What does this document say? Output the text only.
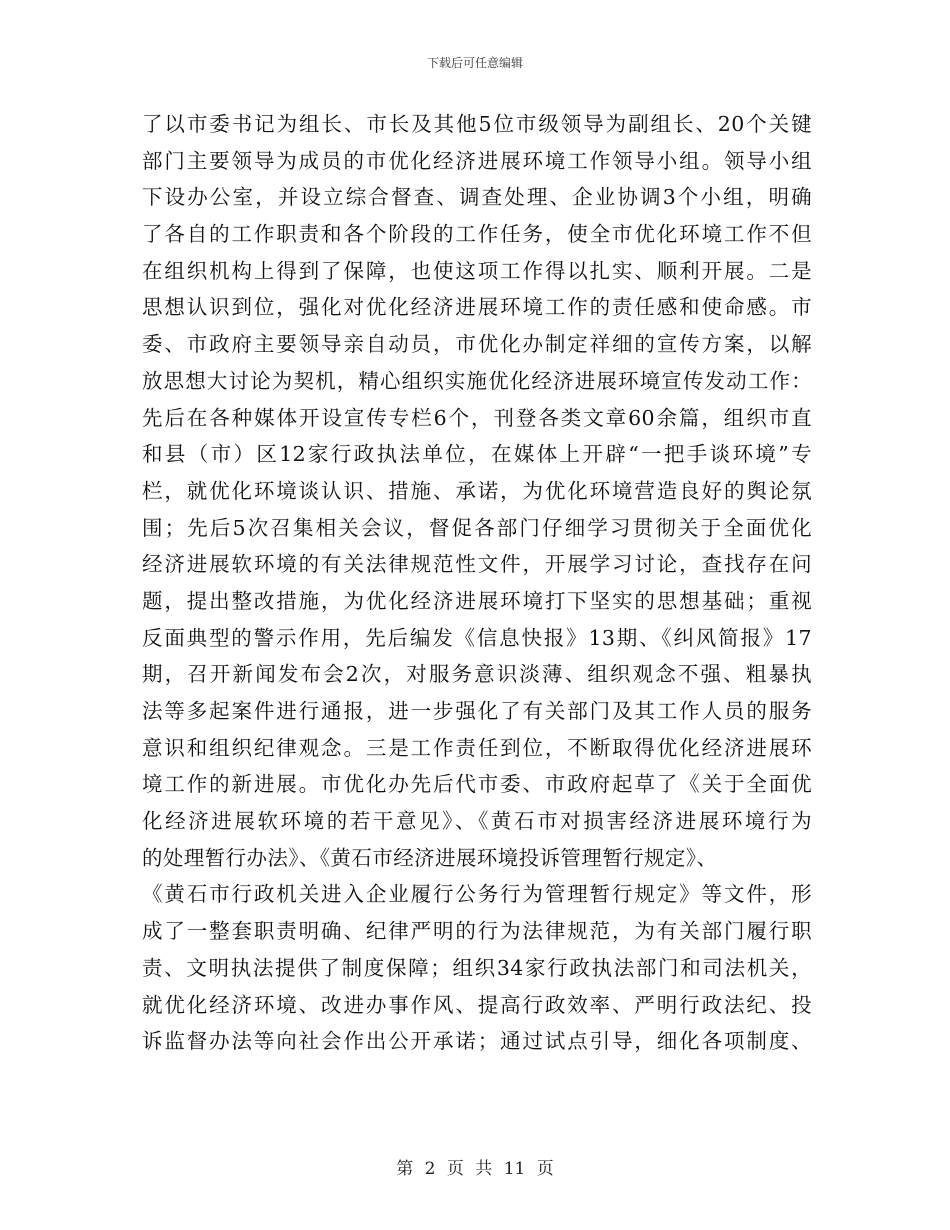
下载后可任意编辑
了以市委书记为组长、市长及其他5位市级领导为副组长、20个关键
部门主要领导为成员的市优化经济进展环境工作领导小组。领导小组
下设办公室，并设立综合督查、调查处理、企业协调3个小组，明确
了各自的工作职责和各个阶段的工作任务，使全市优化环境工作不但
在组织机构上得到了保障，也使这项工作得以扎实、顺利开展。二是
思想认识到位，强化对优化经济进展环境工作的责任感和使命感。市
委、市政府主要领导亲自动员，市优化办制定祥细的宣传方案，以解
放思想大讨论为契机，精心组织实施优化经济进展环境宣传发动工作：
先后在各种媒体开设宣传专栏6个，刊登各类文章60余篇，组织市直
和县（市）区12家行政执法单位，在媒体上开辟“一把手谈环境”专
栏，就优化环境谈认识、措施、承诺，为优化环境营造良好的舆论氛
围；先后5次召集相关会议，督促各部门仔细学习贯彻关于全面优化
经济进展软环境的有关法律规范性文件，开展学习讨论，查找存在问
题，提出整改措施，为优化经济进展环境打下坚实的思想基础；重视
反面典型的警示作用，先后编发《信息快报》13期、《纠风简报》17
期，召开新闻发布会2次，对服务意识淡薄、组织观念不强、粗暴执
法等多起案件进行通报，进一步强化了有关部门及其工作人员的服务
意识和组织纪律观念。三是工作责任到位，不断取得优化经济进展环
境工作的新进展。市优化办先后代市委、市政府起草了《关于全面优
化经济进展软环境的若干意见》、《黄石市对损害经济进展环境行为
的处理暂行办法》、《黄石市经济进展环境投诉管理暂行规定》、
《黄石市行政机关进入企业履行公务行为管理暂行规定》等文件，形
成了一整套职责明确、纪律严明的行为法律规范，为有关部门履行职
责、文明执法提供了制度保障；组织34家行政执法部门和司法机关，
就优化经济环境、改进办事作风、提高行政效率、严明行政法纪、投
诉监督办法等向社会作出公开承诺；通过试点引导，细化各项制度、
第 2 页 共 11 页
